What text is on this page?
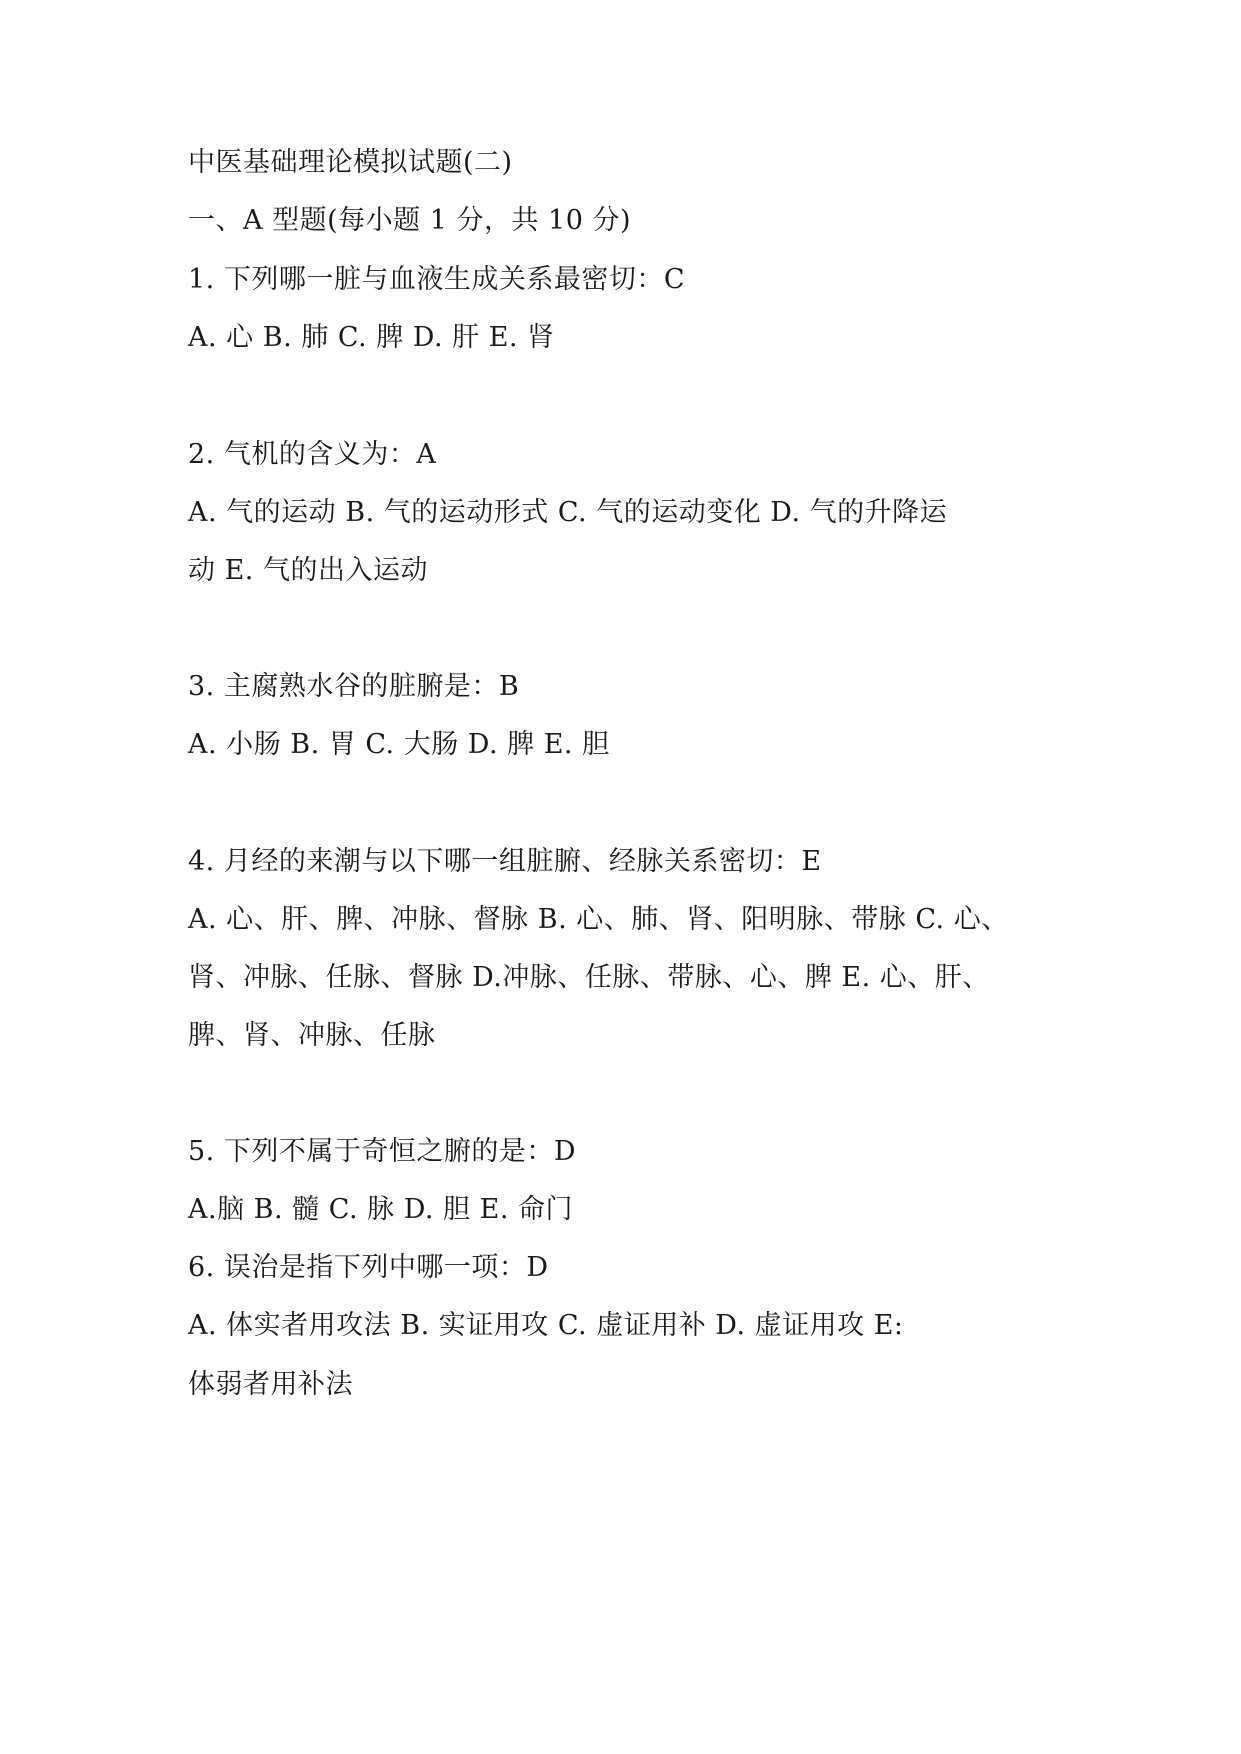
中医基础理论模拟试题(二)
一、A 型题(每小题 1 分，共 10 分)
1. 下列哪一脏与血液生成关系最密切：C
A. 心 B. 肺 C. 脾 D. 肝 E. 肾
2. 气机的含义为：A
A. 气的运动 B. 气的运动形式 C. 气的运动变化 D. 气的升降运
动 E. 气的出入运动
3. 主腐熟水谷的脏腑是：B
A. 小肠 B. 胃 C. 大肠 D. 脾 E. 胆
4. 月经的来潮与以下哪一组脏腑、经脉关系密切：E
A. 心、肝、脾、冲脉、督脉 B. 心、肺、肾、阳明脉、带脉 C. 心、
肾、冲脉、任脉、督脉 D.冲脉、任脉、带脉、心、脾 E. 心、肝、
脾、肾、冲脉、任脉
5. 下列不属于奇恒之腑的是：D
A.脑 B. 髓 C. 脉 D. 胆 E. 命门
6. 误治是指下列中哪一项：D
A. 体实者用攻法 B. 实证用攻 C. 虚证用补 D. 虚证用攻 E:
体弱者用补法
